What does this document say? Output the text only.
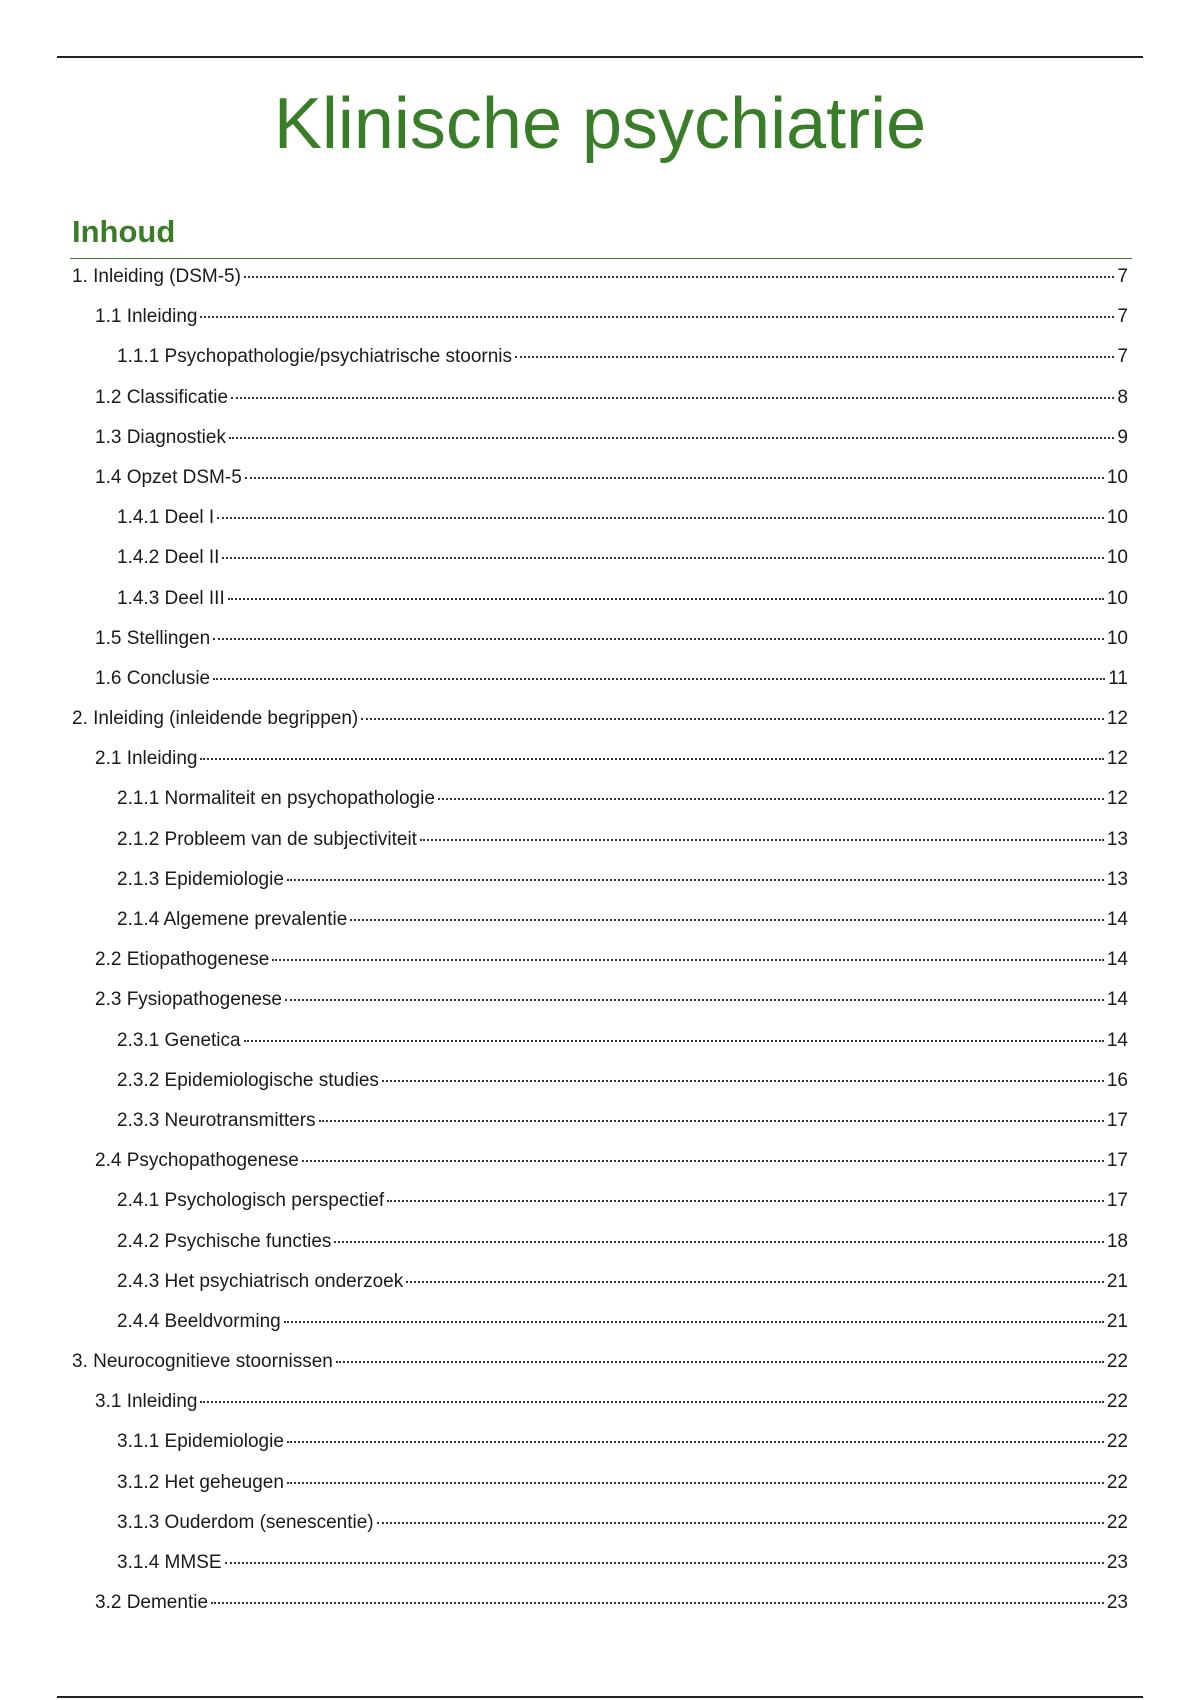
Klinische psychiatrie
Inhoud
1. Inleiding (DSM-5)	7
1.1 Inleiding	7
1.1.1 Psychopathologie/psychiatrische stoornis	7
1.2 Classificatie	8
1.3 Diagnostiek	9
1.4 Opzet DSM-5	10
1.4.1 Deel I	10
1.4.2 Deel II	10
1.4.3 Deel III	10
1.5 Stellingen	10
1.6 Conclusie	11
2. Inleiding (inleidende begrippen)	12
2.1 Inleiding	12
2.1.1 Normaliteit en psychopathologie	12
2.1.2 Probleem van de subjectiviteit	13
2.1.3 Epidemiologie	13
2.1.4 Algemene prevalentie	14
2.2 Etiopathogenese	14
2.3 Fysiopathogenese	14
2.3.1 Genetica	14
2.3.2 Epidemiologische studies	16
2.3.3 Neurotransmitters	17
2.4 Psychopathogenese	17
2.4.1 Psychologisch perspectief	17
2.4.2 Psychische functies	18
2.4.3 Het psychiatrisch onderzoek	21
2.4.4 Beeldvorming	21
3. Neurocognitieve stoornissen	22
3.1 Inleiding	22
3.1.1 Epidemiologie	22
3.1.2 Het geheugen	22
3.1.3 Ouderdom (senescentie)	22
3.1.4 MMSE	23
3.2 Dementie	23
